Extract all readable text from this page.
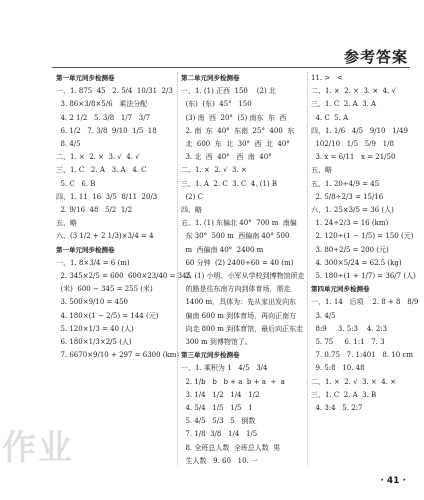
参考答案
第一单元同步检测卷
一、1. 875  45   2. 5/4  10/31  2/3
3. 86×3/8×5/6   乘法分配
4. 2 1/2   5. 3/8   1/7   3/7
6. 1/2   7. 3/8  9/10  1/5  18
8. 4/5
二、1. ×  2. ×  3. √  4. √
三、1. C   2. A   3. A   4. C
5. C   6. B
四、1. 11  16  3/5  8/11  20/3
2. 9/16  48   5/2  1/2
五、略
六、(3 1/2 + 2 1/3)×3/4 = 4
第一单元同步检测卷
一、1. 8×3/4 = 6 (m)
2. 345×2/5 = 600  600×23/40 = 345
(米)  600 − 345 = 255 (米)
3. 500×9/10 = 450
4. 180×(1 − 2/5) = 144 (元)
5. 120×1/3 = 40 (人)
6. 180×1/3×2/5 (人)
7. 6670×9/10 + 297 = 6300 (km)
第二单元同步检测卷
一、1. (1) 正西  150    (2) 北
(东)  (东)  45°   150
(3) 南  西  20°  (5) 南东  东  西
2. 南  东  40°  东南  25°  400  东
北  600  东  北  30°  西  北  40°
3. 北  西  40°   西  南  40°
二、1. ×  2. √  3. ×
三、1. A  2. C  3. C  4. (1) B
(2) C
四、略
五、1. (1) 东偏北 40°  700 m  南偏
东 30°  500 m  西偏南 40° 500
m  西偏南 40°  2400 m
60 分钟  (2) 2400÷60 = 40 (m)
2. (1) 小明、小军从学校到博物馆所走
的路是往东南方向到体育场，需走
1400 m，具体为：先从家出发向东
偏南 600 m 到体育场，再向正南方
向走 800 m 到体育馆，最后向正东走
300 m 到博物馆了。
第三单元同步检测卷
一、1. 乘积为 1   4/5   3/4
2. 1/b   b   b + a  b + a  ÷  a
3. 1/4   1/2   1/4   1/2
4. 5/4   1/5   1/5   1
5. 4/5   5/3   5   倒数
7. 1/8  3/8   1/4   1/5
8. 全班总人数  全班总人数  男
生人数   9. 60   10. 一
11. >   <
二、1. ×  2. ×  3. ×  4. √
三、1. C  2. A  3. A
4. C  5. A
四、1. 1/6   4/5   9/10   1/49
102/10   1/5   5/9   1/8
3. x = 6/11   x = 21/50
五、略
五、1. 20÷4/9 = 45
2. 5/8÷2/3 = 15/16
六、1. 25×3/5 = 36 (人)
1. 24÷2/3 = 16 (km)
2. 120÷(1 − 1/5) = 150 (元)
3. 80÷2/5 = 200 (元)
4. 300×5/24 = 62.5 (kg)
5. 180÷(1 + 1/7) = 36/7 (人)
第四单元同步检测卷
一、1. 14   后项    2. 8 + 8   8/9
3. 4/5
8:9     3. 5:3    4. 2:3
5. 75     6. 1:1   7. 3
7. 0.75   7. 1:401   8. 10 cm
9. 5:8   10. 48
二、1. ×  2. √  3. ×  4. ×
三、1. C  2. A  3. B
4. 3:4   5. 2:7
作业
· 41 ·
